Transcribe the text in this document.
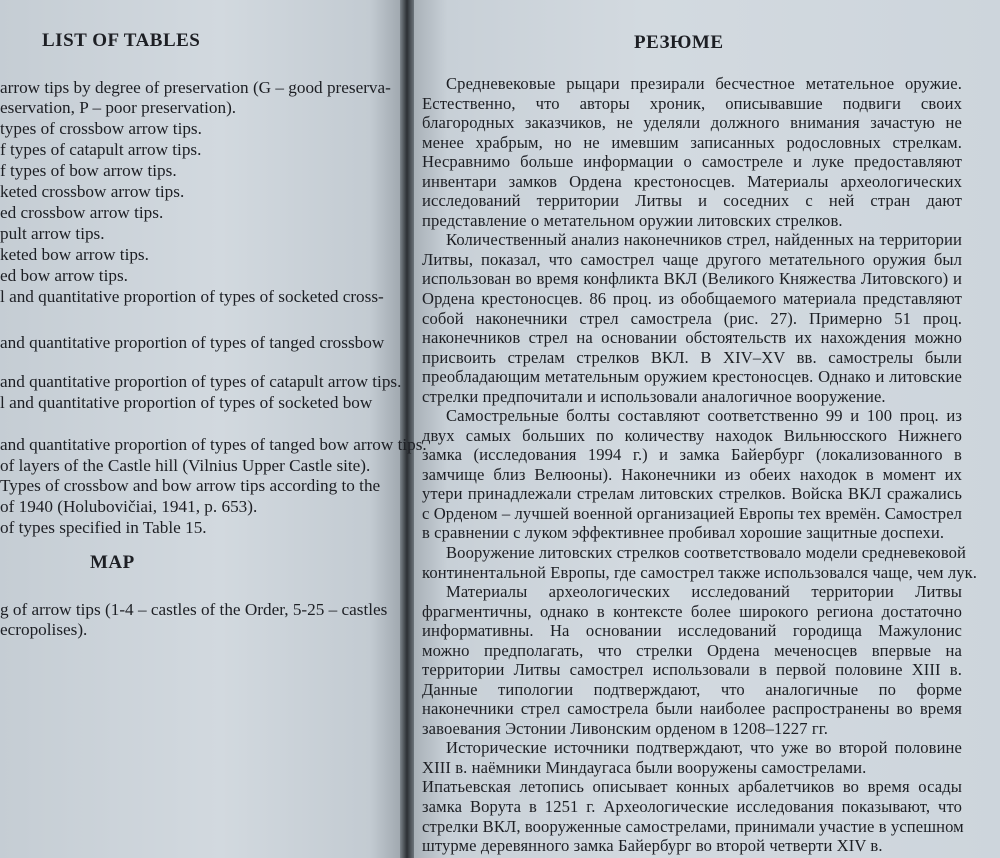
LIST OF TABLES
arrow tips by degree of preservation (G – good preserva-
eservation, P – poor preservation).
types of crossbow arrow tips.
f types of catapult arrow tips.
f types of bow arrow tips.
keted crossbow arrow tips.
ed crossbow arrow tips.
pult arrow tips.
keted bow arrow tips.
ed bow arrow tips.
l and quantitative proportion of types of socketed cross-
and quantitative proportion of types of tanged crossbow
and quantitative proportion of types of catapult arrow tips.
l and quantitative proportion of types of socketed bow
and quantitative proportion of types of tanged bow arrow tips.
of layers of the Castle hill (Vilnius Upper Castle site).
Types of crossbow and bow arrow tips according to the
of 1940 (Holubovičiai, 1941, p. 653).
of types specified in Table 15.
MAP
g of arrow tips (1-4 – castles of the Order, 5-25 – castles
ecropolises).
РЕЗЮМЕ
Средневековые рыцари презирали бесчестное метательное оружие.
Естественно, что авторы хроник, описывавшие подвиги своих
благородных заказчиков, не уделяли должного внимания зачастую не
менее храбрым, но не имевшим записанных родословных стрелкам.
Несравнимо больше информации о самостреле и луке предоставляют
инвентари замков Ордена крестоносцев. Материалы археологических
исследований территории Литвы и соседних с ней стран дают
представление о метательном оружии литовских стрелков.
Количественный анализ наконечников стрел, найденных на территории
Литвы, показал, что самострел чаще другого метательного оружия был
использован во время конфликта ВКЛ (Великого Княжества Литовского) и
Ордена крестоносцев. 86 проц. из обобщаемого материала представляют
собой наконечники стрел самострела (рис. 27). Примерно 51 проц.
наконечников стрел на основании обстоятельств их нахождения можно
присвоить стрелам стрелков ВКЛ. В XIV–XV вв. самострелы были
преобладающим метательным оружием крестоносцев. Однако и литовские
стрелки предпочитали и использовали аналогичное вооружение.
Самострельные болты составляют соответственно 99 и 100 проц. из
двух самых больших по количеству находок Вильнюсского Нижнего
замка (исследования 1994 г.) и замка Байербург (локализованного в
замчище близ Велюоны). Наконечники из обеих находок в момент их
утери принадлежали стрелам литовских стрелков. Войска ВКЛ сражались
с Орденом – лучшей военной организацией Европы тех времён. Самострел
в сравнении с луком эффективнее пробивал хорошие защитные доспехи.
Вооружение литовских стрелков соответствовало модели средневековой
континентальной Европы, где самострел также использовался чаще, чем лук.
Материалы археологических исследований территории Литвы
фрагментичны, однако в контексте более широкого региона достаточно
информативны. На основании исследований городища Мажулонис
можно предполагать, что стрелки Ордена меченосцев впервые на
территории Литвы самострел использовали в первой половине XIII в.
Данные типологии подтверждают, что аналогичные по форме
наконечники стрел самострела были наиболее распространены во время
завоевания Эстонии Ливонским орденом в 1208–1227 гг.
Исторические источники подтверждают, что уже во второй половине
XIII в. наёмники Миндаугаса были вооружены самострелами.
Ипатьевская летопись описывает конных арбалетчиков во время осады
замка Ворута в 1251 г. Археологические исследования показывают, что
стрелки ВКЛ, вооруженные самострелами, принимали участие в успешном
штурме деревянного замка Байербург во второй четверти XIV в.
